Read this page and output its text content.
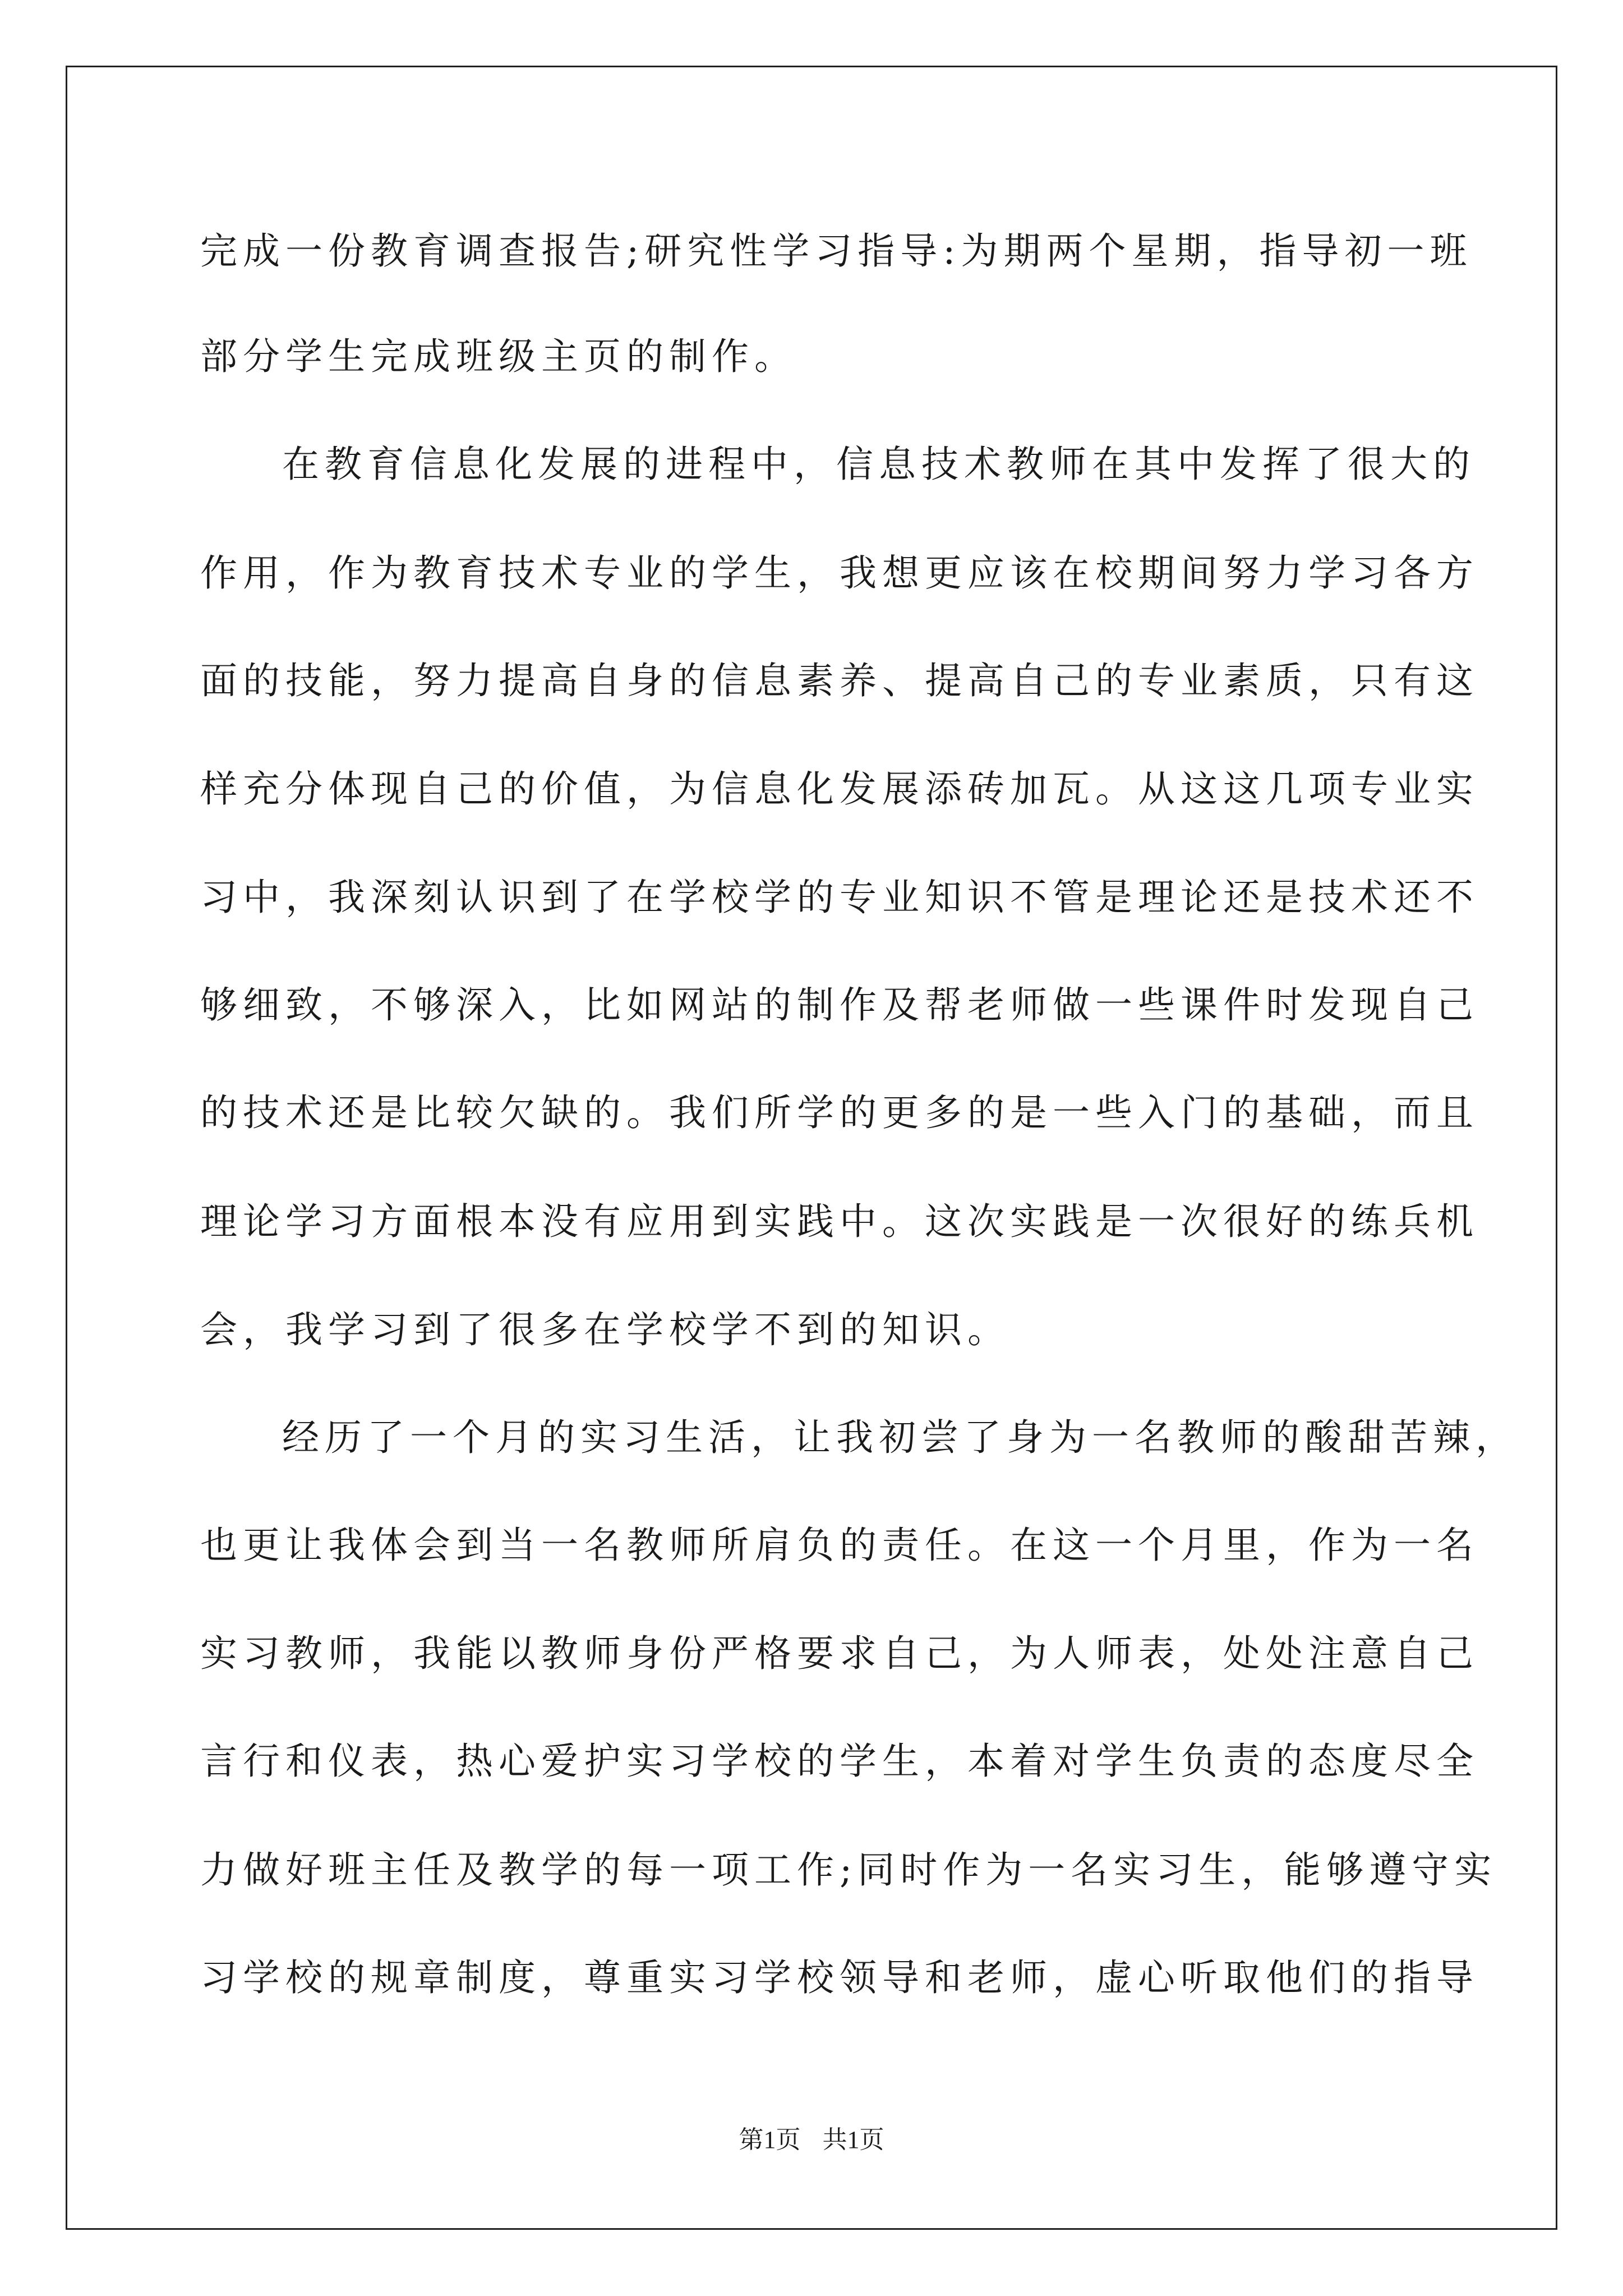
完成一份教育调查报告;研究性学习指导:为期两个星期，指导初一班
部分学生完成班级主页的制作。
在教育信息化发展的进程中，信息技术教师在其中发挥了很大的
作用，作为教育技术专业的学生，我想更应该在校期间努力学习各方
面的技能，努力提高自身的信息素养、提高自己的专业素质，只有这
样充分体现自己的价值，为信息化发展添砖加瓦。从这这几项专业实
习中，我深刻认识到了在学校学的专业知识不管是理论还是技术还不
够细致，不够深入，比如网站的制作及帮老师做一些课件时发现自己
的技术还是比较欠缺的。我们所学的更多的是一些入门的基础，而且
理论学习方面根本没有应用到实践中。这次实践是一次很好的练兵机
会，我学习到了很多在学校学不到的知识。
经历了一个月的实习生活，让我初尝了身为一名教师的酸甜苦辣，
也更让我体会到当一名教师所肩负的责任。在这一个月里，作为一名
实习教师，我能以教师身份严格要求自己，为人师表，处处注意自己
言行和仪表，热心爱护实习学校的学生，本着对学生负责的态度尽全
力做好班主任及教学的每一项工作;同时作为一名实习生，能够遵守实
习学校的规章制度，尊重实习学校领导和老师，虚心听取他们的指导
第1页 共1页
